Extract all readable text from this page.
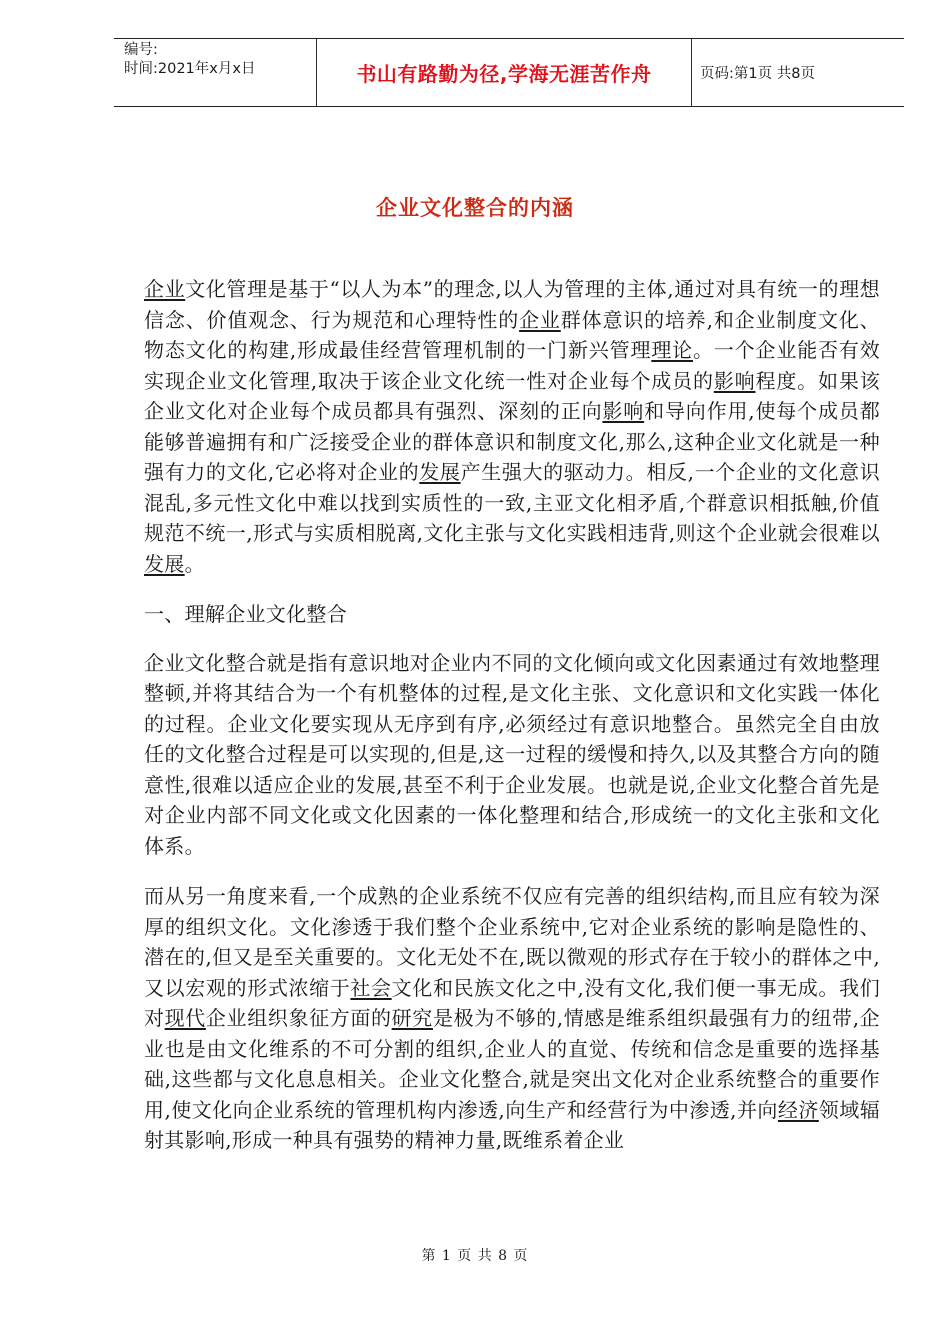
编号:
时间:2021年x月x日	书山有路勤为径,学海无涯苦作舟	页码:第1页 共8页
企业文化整合的内涵

企业文化管理是基于“以人为本”的理念,以人为管理的主体,通过对具有统一的理想信念、价值观念、行为规范和心理特性的企业群体意识的培养,和企业制度文化、物态文化的构建,形成最佳经营管理机制的一门新兴管理理论。一个企业能否有效实现企业文化管理,取决于该企业文化统一性对企业每个成员的影响程度。如果该企业文化对企业每个成员都具有强烈、深刻的正向影响和导向作用,使每个成员都能够普遍拥有和广泛接受企业的群体意识和制度文化,那么,这种企业文化就是一种强有力的文化,它必将对企业的发展产生强大的驱动力。相反,一个企业的文化意识混乱,多元性文化中难以找到实质性的一致,主亚文化相矛盾,个群意识相抵触,价值规范不统一,形式与实质相脱离,文化主张与文化实践相违背,则这个企业就会很难以发展。

一、理解企业文化整合

企业文化整合就是指有意识地对企业内不同的文化倾向或文化因素通过有效地整理整顿,并将其结合为一个有机整体的过程,是文化主张、文化意识和文化实践一体化的过程。企业文化要实现从无序到有序,必须经过有意识地整合。虽然完全自由放任的文化整合过程是可以实现的,但是,这一过程的缓慢和持久,以及其整合方向的随意性,很难以适应企业的发展,甚至不利于企业发展。也就是说,企业文化整合首先是对企业内部不同文化或文化因素的一体化整理和结合,形成统一的文化主张和文化体系。

而从另一角度来看,一个成熟的企业系统不仅应有完善的组织结构,而且应有较为深厚的组织文化。文化渗透于我们整个企业系统中,它对企业系统的影响是隐性的、潜在的,但又是至关重要的。文化无处不在,既以微观的形式存在于较小的群体之中,又以宏观的形式浓缩于社会文化和民族文化之中,没有文化,我们便一事无成。我们对现代企业组织象征方面的研究是极为不够的,情感是维系组织最强有力的纽带,企业也是由文化维系的不可分割的组织,企业人的直觉、传统和信念是重要的选择基础,这些都与文化息息相关。企业文化整合,就是突出文化对企业系统整合的重要作用,使文化向企业系统的管理机构内渗透,向生产和经营行为中渗透,并向经济领域辐射其影响,形成一种具有强势的精神力量,既维系着企业

第 1 页 共 8 页
